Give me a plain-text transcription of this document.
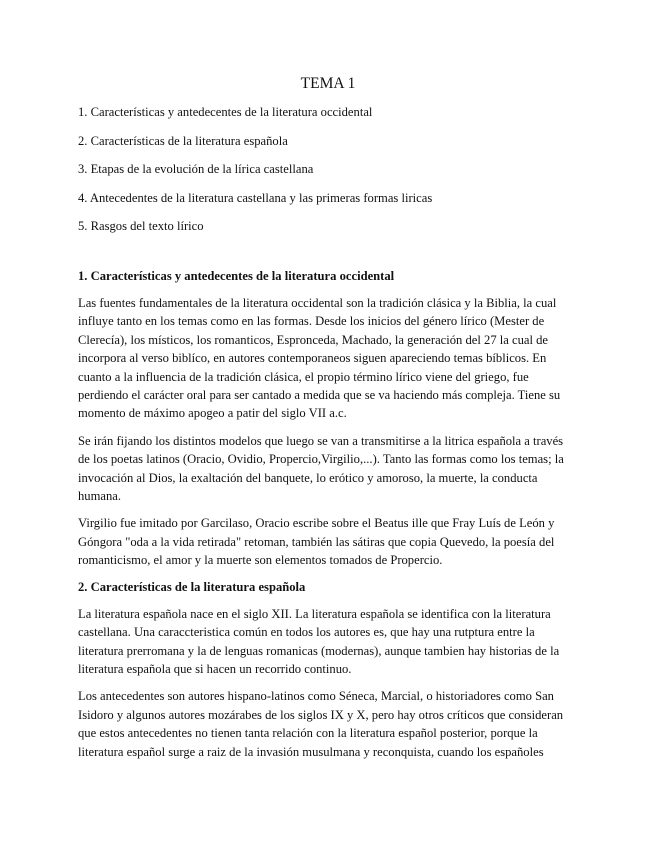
TEMA 1
1. Características y antedecentes de la literatura occidental
2. Características de la literatura española
3. Etapas de la evolución de la lírica castellana
4. Antecedentes de la literatura castellana y las primeras formas liricas
5. Rasgos del texto lírico
1. Características y antedecentes de la literatura occidental
Las fuentes fundamentales de la literatura occidental son la tradición clásica y la Biblia, la cual
influye tanto en los temas como en las formas. Desde los inicios del género lírico (Mester de
Clerecía), los místicos, los romanticos, Espronceda, Machado, la generación del 27 la cual de
incorpora al verso biblíco, en autores contemporaneos siguen apareciendo temas bíblicos. En
cuanto a la influencia de la tradición clásica, el propio término lírico viene del griego, fue
perdiendo el carácter oral para ser cantado a medida que se va haciendo más compleja. Tiene su
momento de máximo apogeo a patir del siglo VII a.c.
Se irán fijando los distintos modelos que luego se van a transmitirse a la litrica española a través
de los poetas latinos (Oracio, Ovidio, Propercio,Virgilio,...). Tanto las formas como los temas; la
invocación al Dios, la exaltación del banquete, lo erótico y amoroso, la muerte, la conducta
humana.
Virgilio fue imitado por Garcilaso, Oracio escribe sobre el Beatus ille que Fray Luís de León y
Góngora "oda a la vida retirada" retoman, también las sátiras que copia Quevedo, la poesía del
romanticismo, el amor y la muerte son elementos tomados de Propercio.
2. Características de la literatura española
La literatura española nace en el siglo XII. La literatura española se identifica con la literatura
castellana. Una caraccteristica común en todos los autores es, que hay una rutptura entre la
literatura prerromana y la de lenguas romanicas (modernas), aunque tambien hay historias de la
literatura española que si hacen un recorrido continuo.
Los antecedentes son autores hispano-latinos como Séneca, Marcial, o historiadores como San
Isidoro y algunos autores mozárabes de los siglos IX y X, pero hay otros críticos que consideran
que estos antecedentes no tienen tanta relación con la literatura español posterior, porque la
literatura español surge a raiz de la invasión musulmana y reconquista, cuando los españoles
